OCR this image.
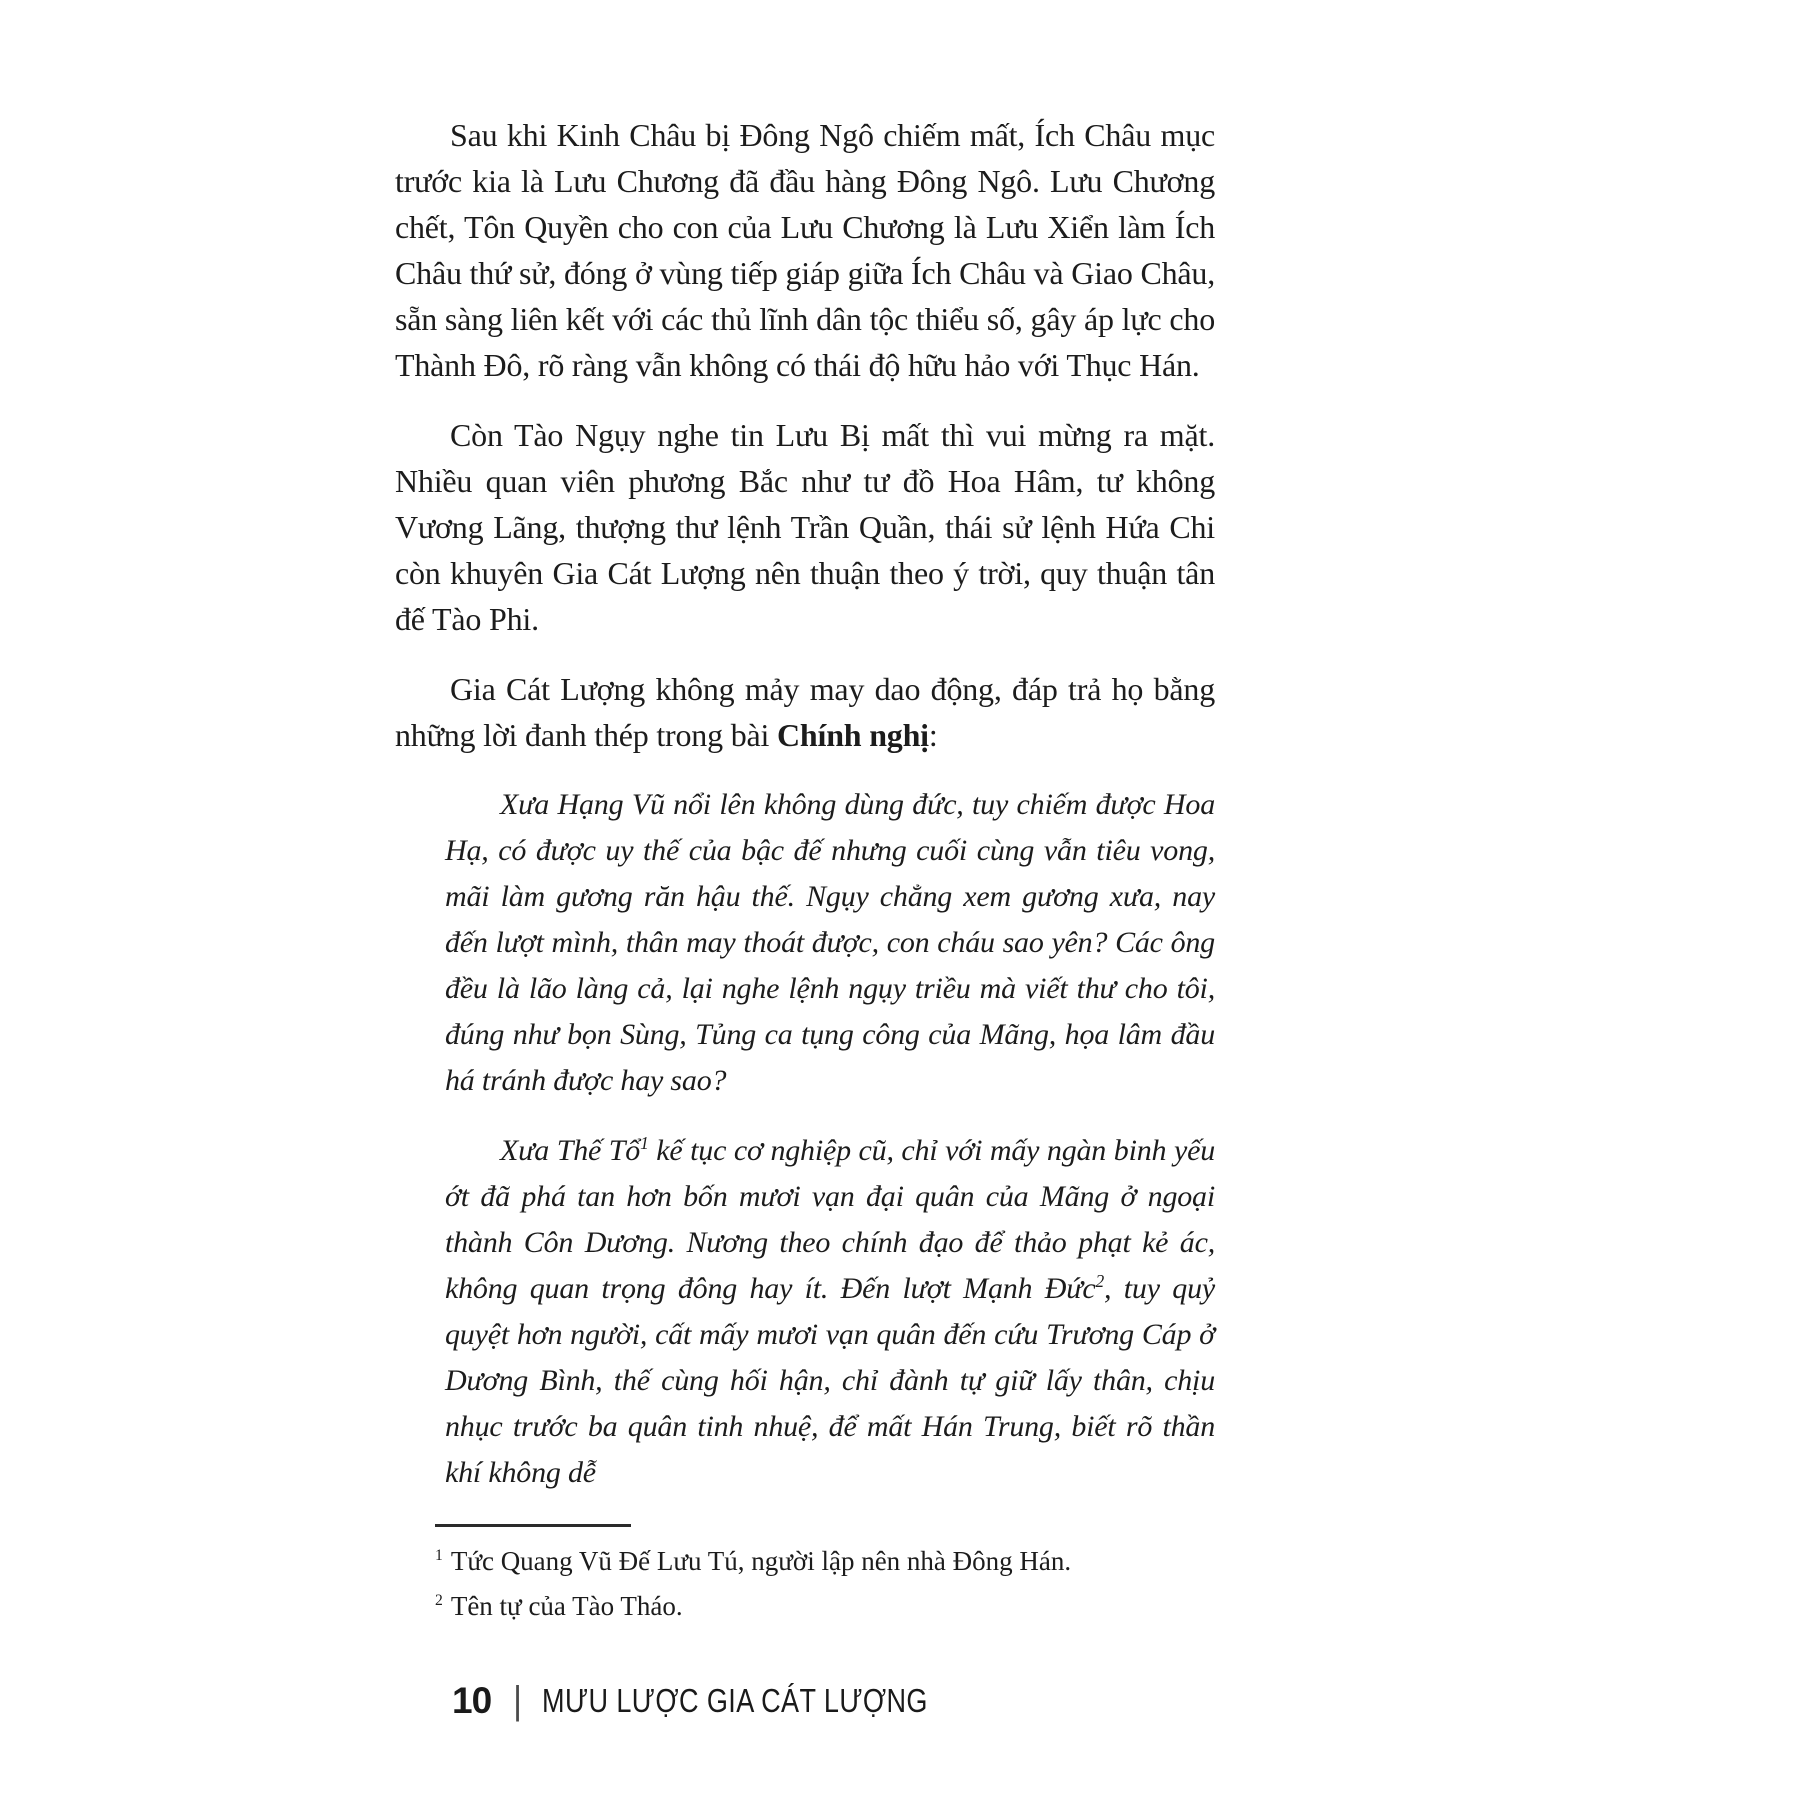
Sau khi Kinh Châu bị Đông Ngô chiếm mất, Ích Châu mục trước kia là Lưu Chương đã đầu hàng Đông Ngô. Lưu Chương chết, Tôn Quyền cho con của Lưu Chương là Lưu Xiển làm Ích Châu thứ sử, đóng ở vùng tiếp giáp giữa Ích Châu và Giao Châu, sẵn sàng liên kết với các thủ lĩnh dân tộc thiểu số, gây áp lực cho Thành Đô, rõ ràng vẫn không có thái độ hữu hảo với Thục Hán.

Còn Tào Ngụy nghe tin Lưu Bị mất thì vui mừng ra mặt. Nhiều quan viên phương Bắc như tư đồ Hoa Hâm, tư không Vương Lãng, thượng thư lệnh Trần Quần, thái sử lệnh Hứa Chi còn khuyên Gia Cát Lượng nên thuận theo ý trời, quy thuận tân đế Tào Phi.

Gia Cát Lượng không mảy may dao động, đáp trả họ bằng những lời đanh thép trong bài Chính nghị:

Xưa Hạng Vũ nổi lên không dùng đức, tuy chiếm được Hoa Hạ, có được uy thế của bậc đế nhưng cuối cùng vẫn tiêu vong, mãi làm gương răn hậu thế. Ngụy chẳng xem gương xưa, nay đến lượt mình, thân may thoát được, con cháu sao yên? Các ông đều là lão làng cả, lại nghe lệnh ngụy triều mà viết thư cho tôi, đúng như bọn Sùng, Tủng ca tụng công của Mãng, họa lâm đầu há tránh được hay sao?

Xưa Thế Tổ$^1$ kế tục cơ nghiệp cũ, chỉ với mấy ngàn binh yếu ớt đã phá tan hơn bốn mươi vạn đại quân của Mãng ở ngoại thành Côn Dương. Nương theo chính đạo để thảo phạt kẻ ác, không quan trọng đông hay ít. Đến lượt Mạnh Đức$^2$, tuy quỷ quyệt hơn người, cất mấy mươi vạn quân đến cứu Trương Cáp ở Dương Bình, thế cùng hối hận, chỉ đành tự giữ lấy thân, chịu nhục trước ba quân tinh nhuệ, để mất Hán Trung, biết rõ thần khí không dễ

$^1$ Tức Quang Vũ Đế Lưu Tú, người lập nên nhà Đông Hán.

$^2$ Tên tự của Tào Tháo.

10 | MƯU LƯỢC GIA CÁT LƯỢNG
